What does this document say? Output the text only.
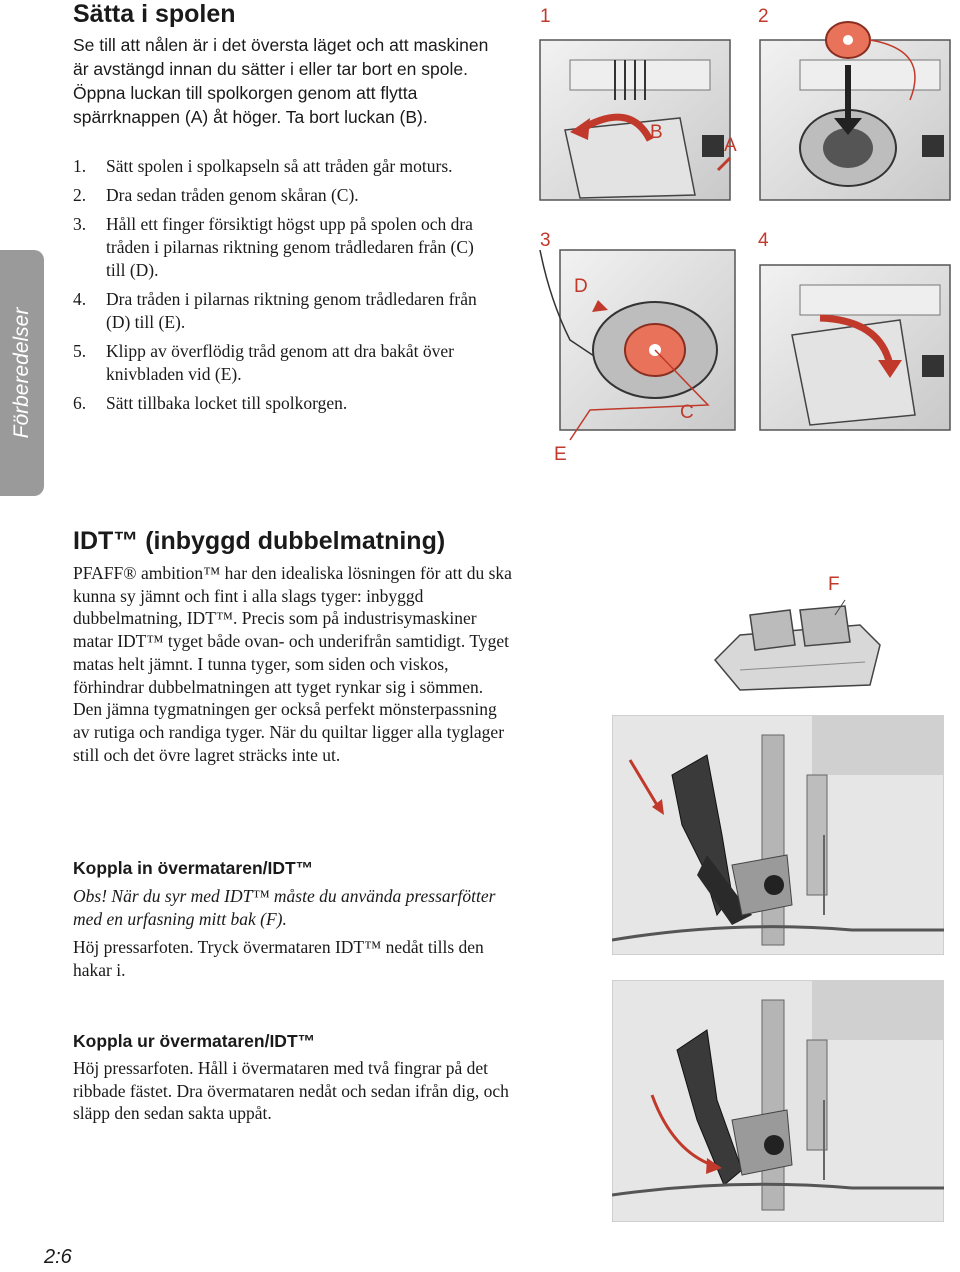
Förberedelser
Sätta i spolen

Se till att nålen är i det översta läget och att maskinen är avstängd innan du sätter i eller tar bort en spole. Öppna luckan till spolkorgen genom att flytta spärrknappen (A) åt höger. Ta bort luckan (B).

1.	Sätt spolen i spolkapseln så att tråden går moturs.
2.	Dra sedan tråden genom skåran (C).
3.	Håll ett finger försiktigt högst upp på spolen och dra tråden i pilarnas riktning genom trådledaren från (C) till (D).
4.	Dra tråden i pilarnas riktning genom trådledaren från (D) till (E).
5.	Klipp av överflödig tråd genom att dra bakåt över knivbladen vid (E).
6.	Sätt tillbaka locket till spolkorgen.
1	2
3	4
B
A
D
C
E
IDT™ (inbyggd dubbelmatning)

PFAFF® ambition™ har den idealiska lösningen för att du ska kunna sy jämnt och fint i alla slags tyger: inbyggd dubbelmatning, IDT™. Precis som på industrisymaskiner matar IDT™ tyget både ovan- och underifrån samtidigt. Tyget matas helt jämnt. I tunna tyger, som siden och viskos, förhindrar dubbelmatningen att tyget rynkar sig i sömmen. Den jämna tygmatningen ger också perfekt mönsterpassning av rutiga och randiga tyger. När du quiltar ligger alla tyglager still och det övre lagret sträcks inte ut.

Koppla in övermataren/IDT™

Obs! När du syr med IDT™ måste du använda pressarfötter med en urfasning mitt bak (F).

Höj pressarfoten. Tryck övermataren IDT™ nedåt tills den hakar i.

Koppla ur övermataren/IDT™

Höj pressarfoten. Håll i övermataren med två fingrar på det ribbade fästet. Dra övermataren nedåt och sedan ifrån dig, och släpp den sedan sakta uppåt.

F
2:6
